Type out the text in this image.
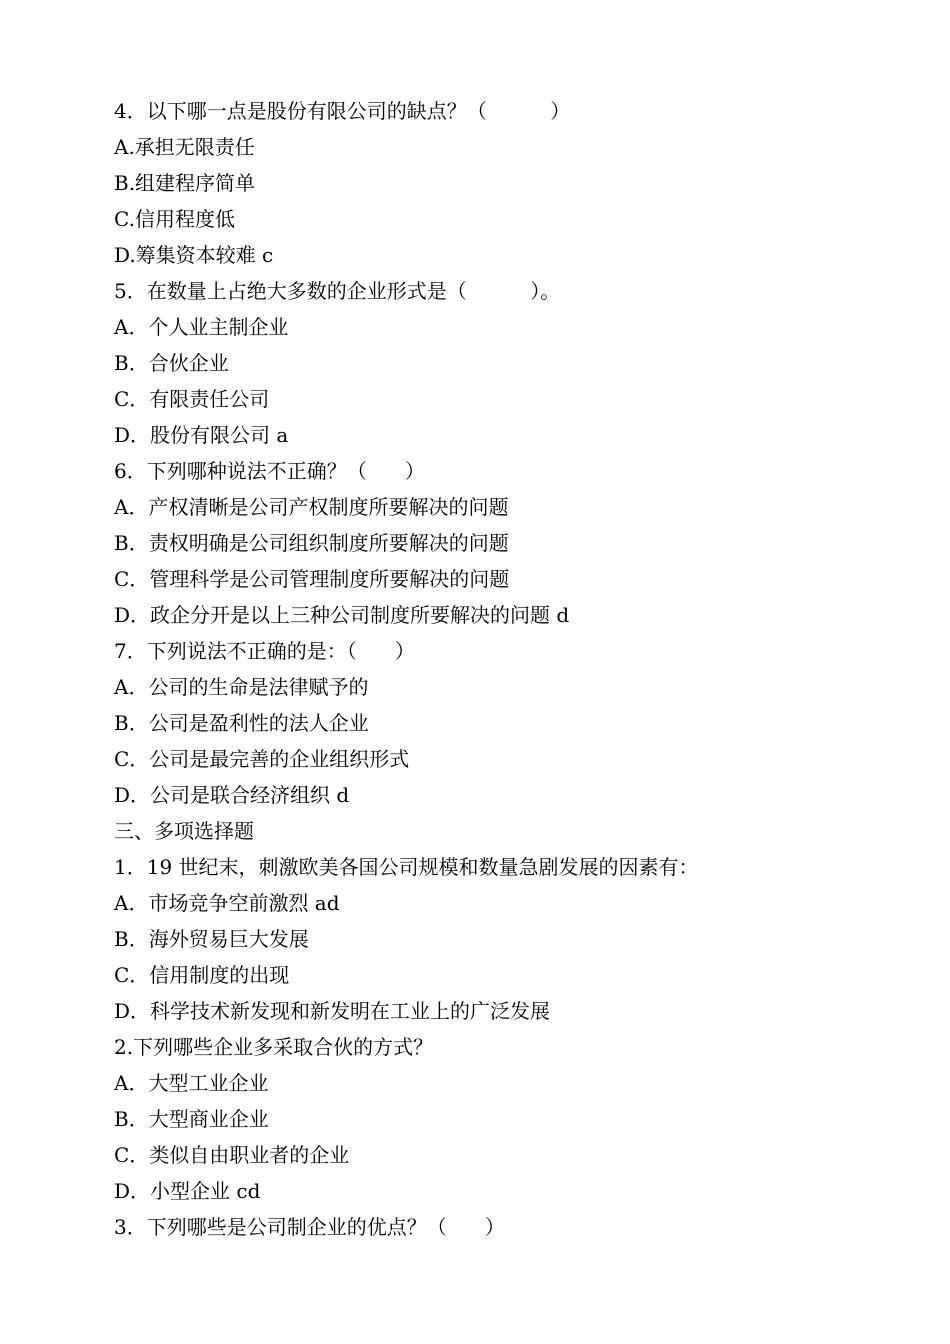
4．以下哪一点是股份有限公司的缺点？（          ）
A.承担无限责任
B.组建程序简单
C.信用程度低
D.筹集资本较难 c
5．在数量上占绝大多数的企业形式是（          ）。
A．个人业主制企业
B．合伙企业
C．有限责任公司
D．股份有限公司 a
6．下列哪种说法不正确？（      ）
A．产权清晰是公司产权制度所要解决的问题
B．责权明确是公司组织制度所要解决的问题
C．管理科学是公司管理制度所要解决的问题
D．政企分开是以上三种公司制度所要解决的问题 d
7．下列说法不正确的是：（      ）
A．公司的生命是法律赋予的
B．公司是盈利性的法人企业
C．公司是最完善的企业组织形式
D．公司是联合经济组织 d
三、多项选择题
1．19 世纪末，刺激欧美各国公司规模和数量急剧发展的因素有：
A．市场竞争空前激烈 ad
B．海外贸易巨大发展
C．信用制度的出现
D．科学技术新发现和新发明在工业上的广泛发展
2.下列哪些企业多采取合伙的方式？
A．大型工业企业
B．大型商业企业
C．类似自由职业者的企业
D．小型企业 cd
3．下列哪些是公司制企业的优点？（      ）
